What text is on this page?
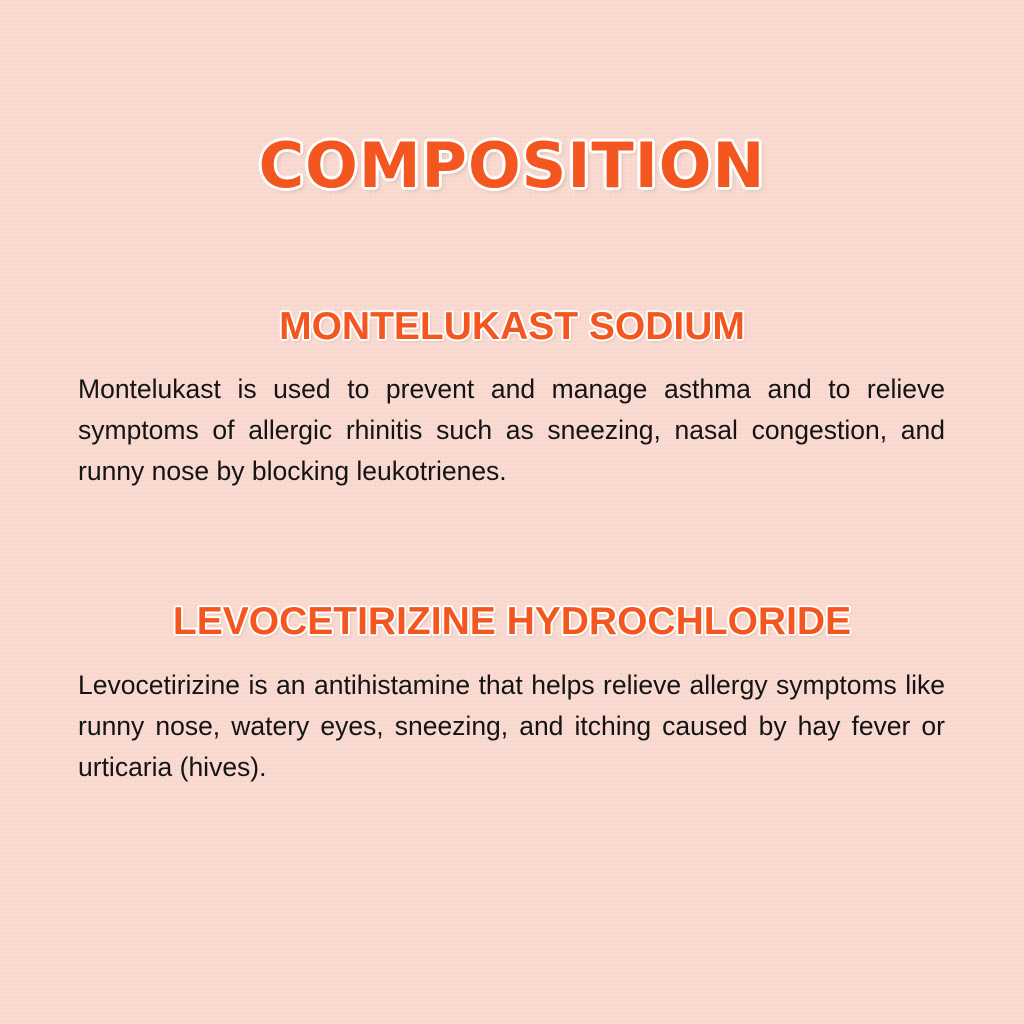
COMPOSITION
MONTELUKAST SODIUM

Montelukast is used to prevent and manage asthma and to relieve symptoms of allergic rhinitis such as sneezing, nasal congestion, and runny nose by blocking leukotrienes.

LEVOCETIRIZINE HYDROCHLORIDE

Levocetirizine is an antihistamine that helps relieve allergy symptoms like runny nose, watery eyes, sneezing, and itching caused by hay fever or urticaria (hives).
